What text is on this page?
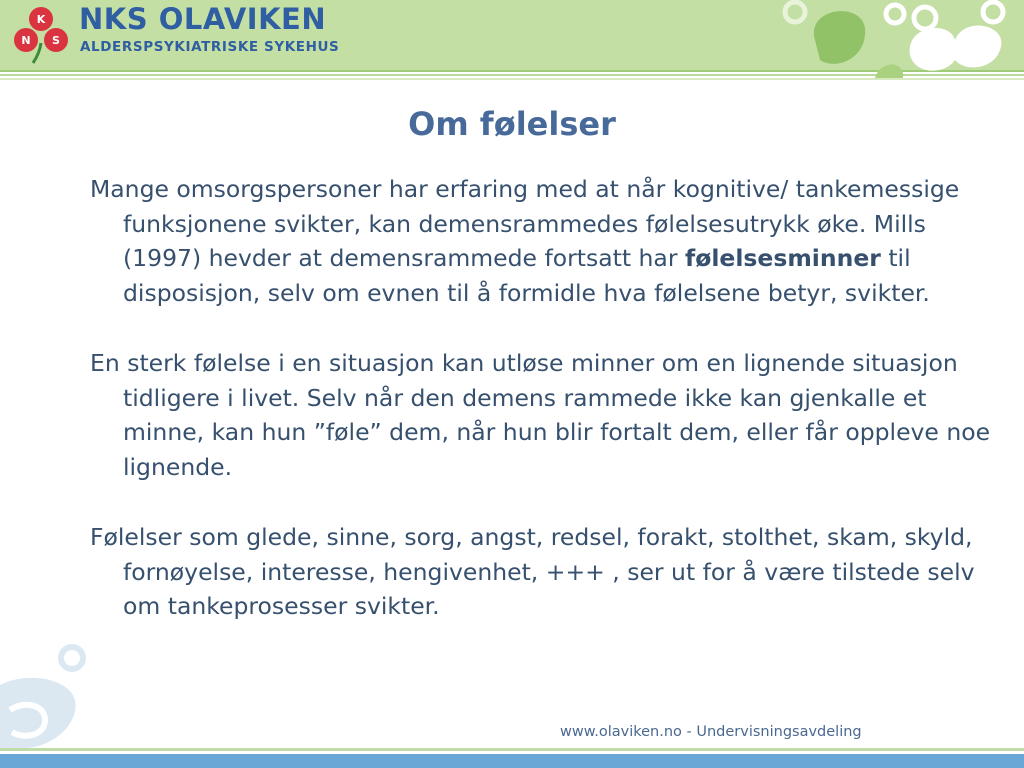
K
N S
NKS OLAVIKEN
ALDERSPSYKIATRISKE SYKEHUS
Om følelser

Mange omsorgspersoner har erfaring med at når kognitive/ tankemessige funksjonene svikter, kan demensrammedes følelsesutrykk øke. Mills (1997) hevder at demensrammede fortsatt har følelsesminner til disposisjon, selv om evnen til å formidle hva følelsene betyr, svikter.

En sterk følelse i en situasjon kan utløse minner om en lignende situasjon tidligere i livet. Selv når den demens rammede ikke kan gjenkalle et minne, kan hun ”føle” dem, når hun blir fortalt dem, eller får oppleve noe lignende.

Følelser som glede, sinne, sorg, angst, redsel, forakt, stolthet, skam, skyld, fornøyelse, interesse, hengivenhet, +++ , ser ut for å være tilstede selv om tankeprosesser svikter.

www.olaviken.no - Undervisningsavdeling
